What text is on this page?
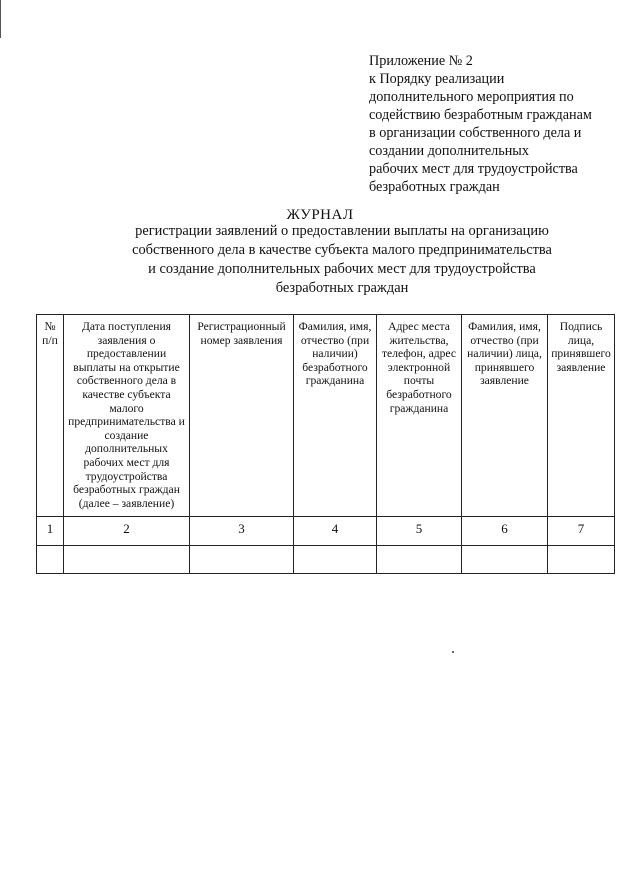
Приложение № 2
к Порядку реализации
дополнительного мероприятия по
содействию безработным гражданам
в организации собственного дела и
создании дополнительных
рабочих мест для трудоустройства
безработных граждан
ЖУРНАЛ
регистрации заявлений о предоставлении выплаты на организацию
собственного дела в качестве субъекта малого предпринимательства
и создание дополнительных рабочих мест для трудоустройства
безработных граждан
№ п/п	Дата поступления заявления о предоставлении выплаты на открытие собственного дела в качестве субъекта малого предпринимательства и создание дополнительных рабочих мест для трудоустройства безработных граждан (далее – заявление)	Регистрационный номер заявления	Фамилия, имя, отчество (при наличии) безработного гражданина	Адрес места жительства, телефон, адрес электронной почты безработного гражданина	Фамилия, имя, отчество (при наличии) лица, принявшего заявление	Подпись лица, принявшего заявление

1	2	3	4	5	6	7
